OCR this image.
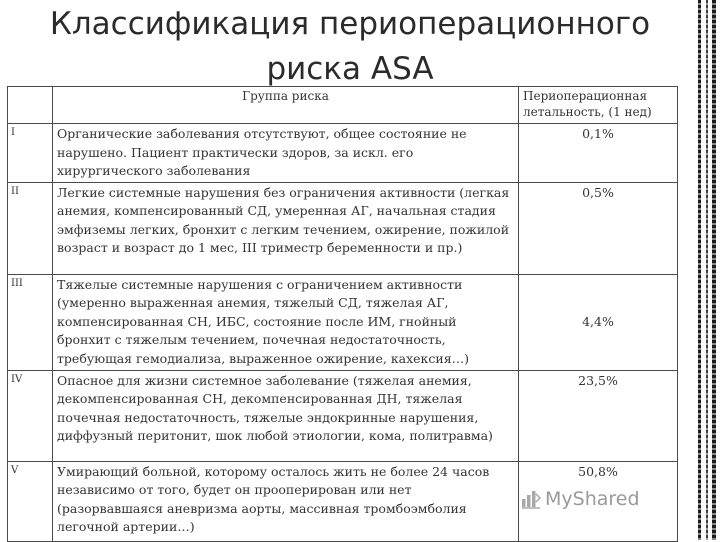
Классификация периоперационного
риска ASA
	Группа риска	Периоперационная летальность, (1 нед)
I	Органические заболевания отсутствуют, общее состояние не нарушено. Пациент практически здоров, за искл. его хирургического заболевания	0,1%
II	Легкие системные нарушения без ограничения активности (легкая анемия, компенсированный СД, умеренная АГ, начальная стадия эмфиземы легких, бронхит с легким течением, ожирение, пожилой возраст и возраст до 1 мес, III триместр беременности и пр.)	0,5%
III	Тяжелые системные нарушения с ограничением активности (умеренно выраженная анемия, тяжелый СД, тяжелая АГ, компенсированная СН, ИБС, состояние после ИМ, гнойный бронхит с тяжелым течением, почечная недостаточность, требующая гемодиализа, выраженное ожирение, кахексия…)	4,4%
IV	Опасное для жизни системное заболевание (тяжелая анемия, декомпенсированная СН, декомпенсированная ДН, тяжелая почечная недостаточность, тяжелые эндокринные нарушения, диффузный перитонит, шок любой этиологии, кома, политравма)	23,5%
V	Умирающий больной, которому осталось жить не более 24 часов независимо от того, будет он прооперирован или нет (разорвавшаяся аневризма аорты, массивная тромбоэмболия легочной артерии…)	50,8%
MyShared
